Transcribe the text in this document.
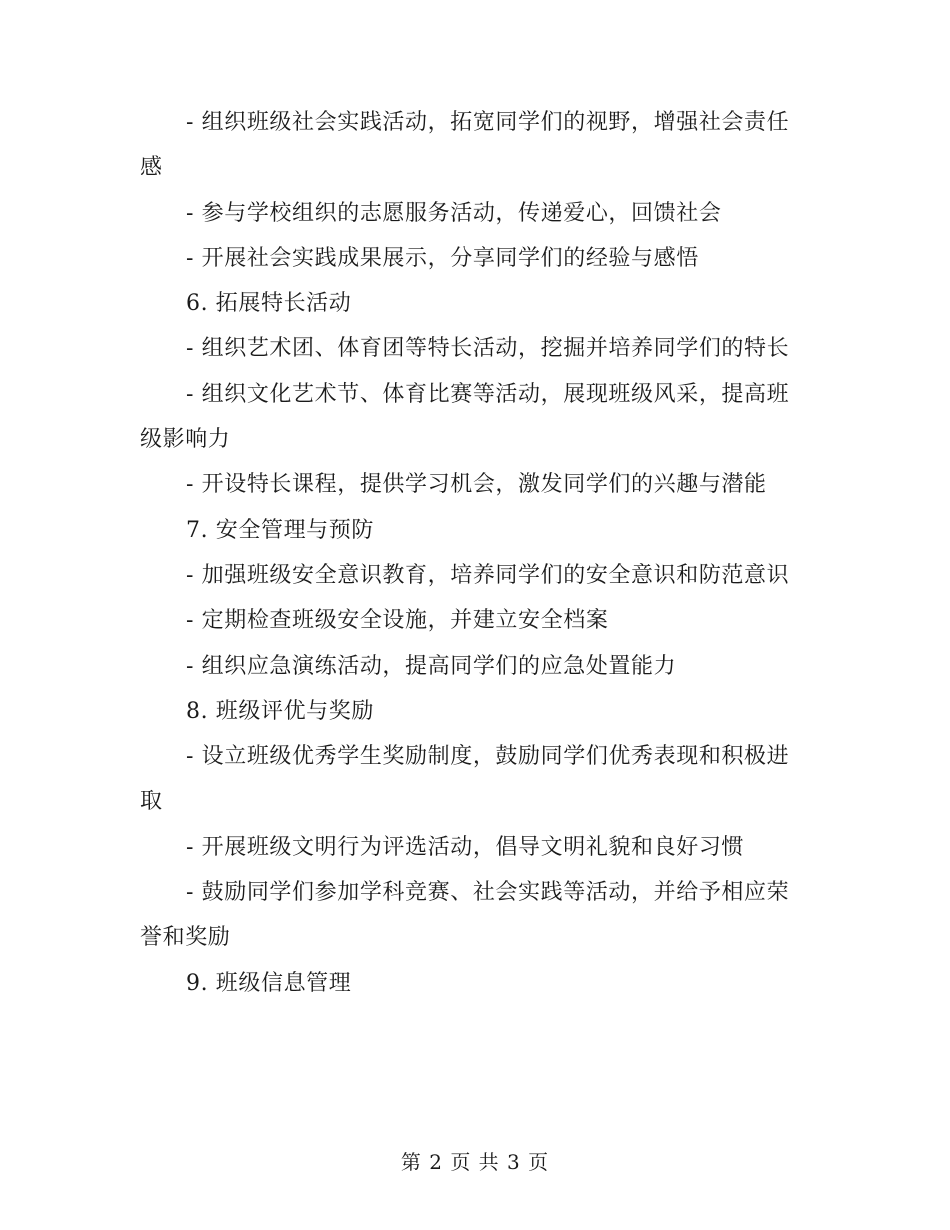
- 组织班级社会实践活动，拓宽同学们的视野，增强社会责任感

- 参与学校组织的志愿服务活动，传递爱心，回馈社会

- 开展社会实践成果展示，分享同学们的经验与感悟

6. 拓展特长活动

- 组织艺术团、体育团等特长活动，挖掘并培养同学们的特长

- 组织文化艺术节、体育比赛等活动，展现班级风采，提高班级影响力

- 开设特长课程，提供学习机会，激发同学们的兴趣与潜能

7. 安全管理与预防

- 加强班级安全意识教育，培养同学们的安全意识和防范意识

- 定期检查班级安全设施，并建立安全档案

- 组织应急演练活动，提高同学们的应急处置能力

8. 班级评优与奖励

- 设立班级优秀学生奖励制度，鼓励同学们优秀表现和积极进取

- 开展班级文明行为评选活动，倡导文明礼貌和良好习惯

- 鼓励同学们参加学科竞赛、社会实践等活动，并给予相应荣誉和奖励

9. 班级信息管理

第 2 页 共 3 页
